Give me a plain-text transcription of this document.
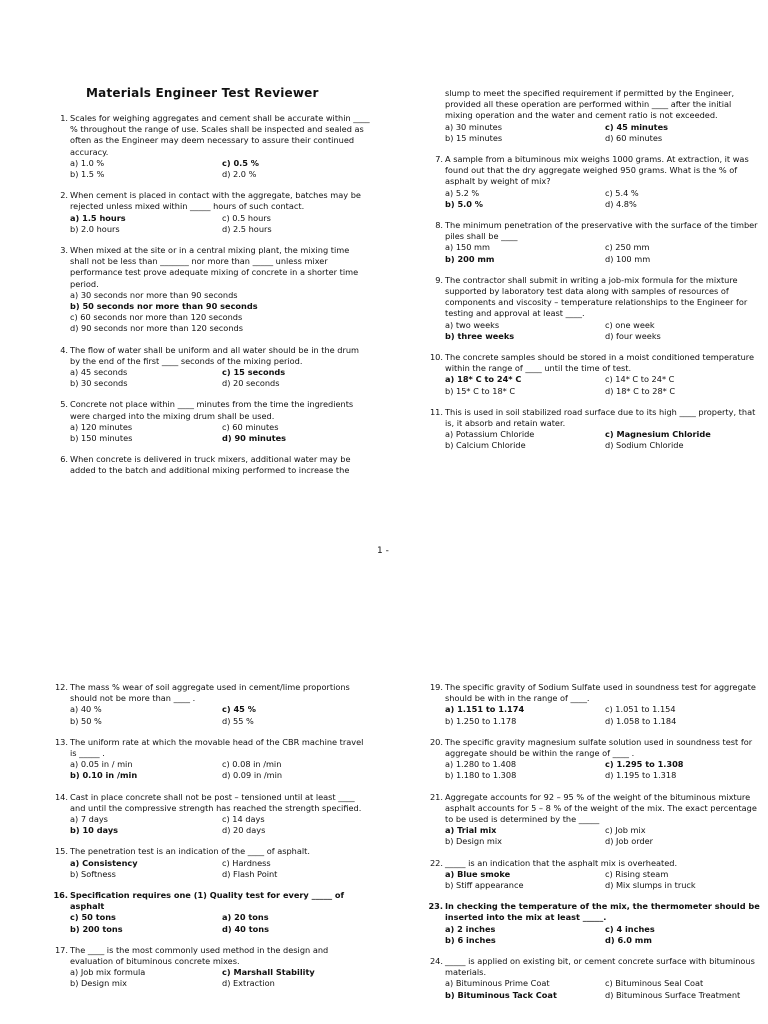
Materials Engineer Test Reviewer
1. Scales for weighing aggregates and cement shall be accurate within ____ % throughout the range of use. Scales shall be inspected and sealed as often as the Engineer may deem necessary to assure their continued accuracy.

a) 1.0 %	c) 0.5 %
b) 1.5 %	d) 2.0 %
2. When cement is placed in contact with the aggregate, batches may be rejected unless mixed within _____ hours of such contact.

a) 1.5 hours	c) 0.5 hours
b) 2.0 hours	d) 2.5 hours
3. When mixed at the site or in a central mixing plant, the mixing time shall not be less than _______ nor more than _____ unless mixer performance test prove adequate mixing of concrete in a shorter time period.

a) 30 seconds nor more than 90 seconds
b) 50 seconds nor more than 90 seconds
c) 60 seconds nor more than 120 seconds
d) 90 seconds nor more than 120 seconds
4. The flow of water shall be uniform and all water should be in the drum by the end of the first ____ seconds of the mixing period.

a) 45 seconds	c) 15 seconds
b) 30 seconds	d) 20 seconds
5. Concrete not place within ____ minutes from the time the ingredients were charged into the mixing drum shall be used.

a) 120 minutes	c) 60 minutes
b) 150 minutes	d) 90 minutes
6. When concrete is delivered in truck mixers, additional water may be added to the batch and additional mixing performed to increase the

slump to meet the specified requirement if permitted by the Engineer, provided all these operation are performed within ____ after the initial mixing operation and the water and cement ratio is not exceeded.

a) 30 minutes	c) 45 minutes
b) 15 minutes	d) 60 minutes
7. A sample from a bituminous mix weighs 1000 grams. At extraction, it was found out that the dry aggregate weighed 950 grams. What is the % of asphalt by weight of mix?

a) 5.2 %	c) 5.4 %
b) 5.0 %	d) 4.8%
8. The minimum penetration of the preservative with the surface of the timber piles shall be ____

a) 150 mm	c) 250 mm
b) 200 mm	d) 100 mm
9. The contractor shall submit in writing a job-mix formula for the mixture supported by laboratory test data along with samples of resources of components and viscosity – temperature relationships to the Engineer for testing and approval at least ____.

a) two weeks	c) one week
b) three weeks	d) four weeks
10. The concrete samples should be stored in a moist conditioned temperature within the range of ____ until the time of test.

a) 18* C to 24* C	c) 14* C to 24* C
b) 15* C to 18* C	d) 18* C to 28* C
11. This is used in soil stabilized road surface due to its high ____ property, that is, it absorb and retain water.

a) Potassium Chloride	c) Magnesium Chloride
b) Calcium Chloride	d) Sodium Chloride
1 -
12. The mass % wear of soil aggregate used in cement/lime proportions should not be more than ____ .

a) 40 %	c) 45 %
b) 50 %	d) 55 %
13. The uniform rate at which the movable head of the CBR machine travel is _____ .

a) 0.05 in / min	c) 0.08 in /min
b) 0.10 in /min	d) 0.09 in /min
14. Cast in place concrete shall not be post – tensioned until at least ____ and until the compressive strength has reached the strength specified.

a) 7 days	c) 14 days
b) 10 days	d) 20 days
15. The penetration test is an indication of the ____ of asphalt.

a) Consistency	c) Hardness
b) Softness	d) Flash Point
16. Specification requires one (1) Quality test for every _____ of asphalt

c) 50 tons	a) 20 tons
b) 200 tons	d) 40 tons
17. The ____ is the most commonly used method in the design and evaluation of bituminous concrete mixes.

a) Job mix formula	c) Marshall Stability
b) Design mix	d) Extraction
19. The specific gravity of Sodium Sulfate used in soundness test for aggregate should be with in the range of ____.

a) 1.151 to 1.174	c) 1.051 to 1.154
b) 1.250 to 1.178	d) 1.058 to 1.184
20. The specific gravity magnesium sulfate solution used in soundness test for aggregate should be within the range of ____ .

a) 1.280 to 1.408	c) 1.295 to 1.308
b) 1.180 to 1.308	d) 1.195 to 1.318
21. Aggregate accounts for 92 – 95 % of the weight of the bituminous mixture asphalt accounts for 5 – 8 % of the weight of the mix. The exact percentage to be used is determined by the _____

a) Trial mix	c) Job mix
b) Design mix	d) Job order
22. _____ is an indication that the asphalt mix is overheated.

a) Blue smoke	c) Rising steam
b) Stiff appearance	d) Mix slumps in truck
23. In checking the temperature of the mix, the thermometer should be inserted into the mix at least _____.

a) 2 inches	c) 4 inches
b) 6 inches	d) 6.0 mm
24. _____ is applied on existing bit, or cement concrete surface with bituminous materials.

a) Bituminous Prime Coat	c) Bituminous Seal Coat
b) Bituminous Tack Coat	d) Bituminous Surface Treatment
